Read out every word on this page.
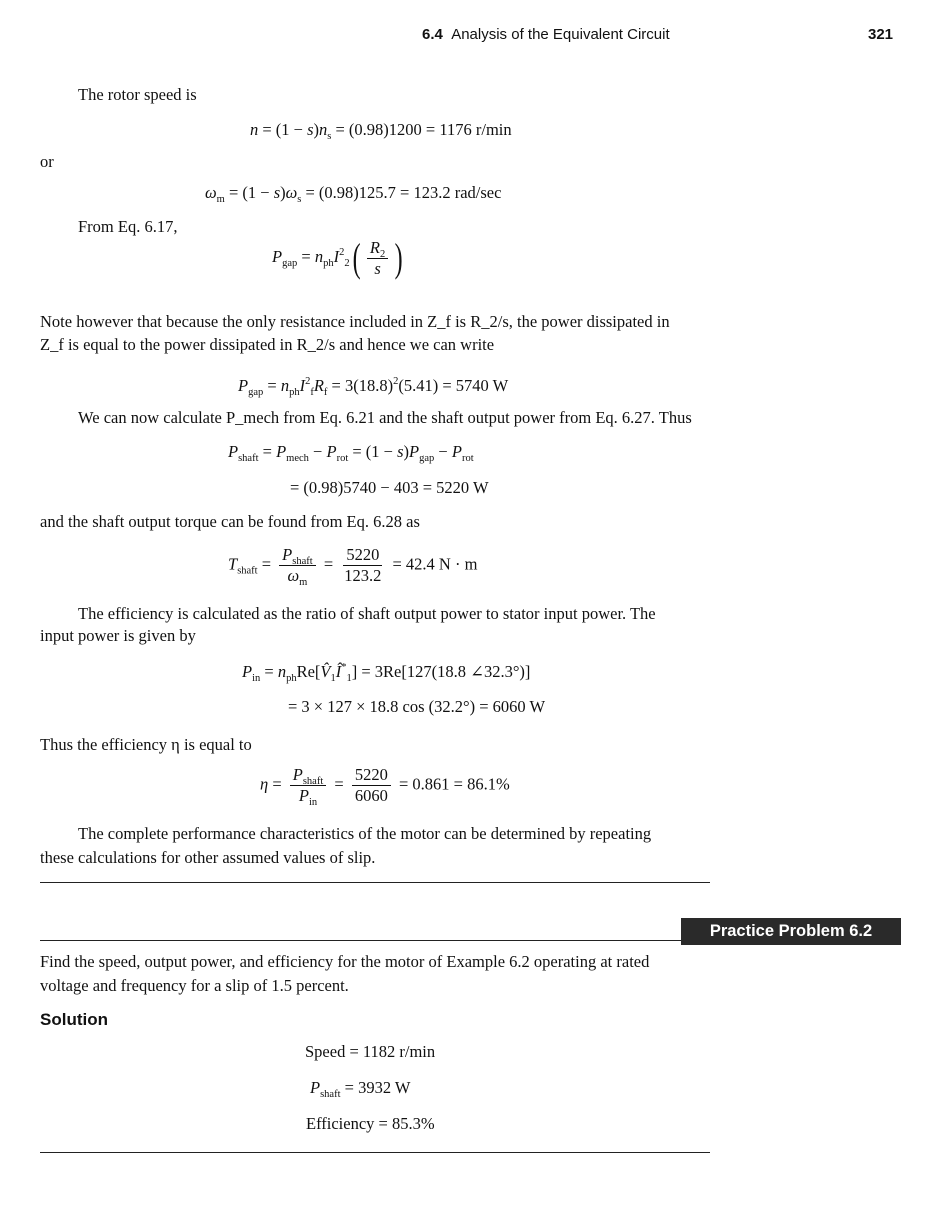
6.4 Analysis of the Equivalent Circuit	321
The rotor speed is
$n = (1 - s)n_s = (0.98)1200 = 1176$ r/min
or
$\omega_m = (1 - s)\omega_s = (0.98)125.7 = 123.2$ rad/sec
From Eq. 6.17,
$P_{gap} = n_{ph}I^2_2( \frac{R_2}{s}$ )
Note however that because the only resistance included in Z_f is R_2/s, the power dissipated in
Z_f is equal to the power dissipated in R_2/s and hence we can write
$P_{gap} = n_{ph}I^2_fR_f = 3(18.8)^2(5.41) = 5740$ W
We can now calculate P_mech from Eq. 6.21 and the shaft output power from Eq. 6.27. Thus
$P_{shaft} = P_{mech} - P_{rot} = (1 - s)P_{gap} - P_{rot}$
= (0.98)5740 − 403 = 5220 W
and the shaft output torque can be found from Eq. 6.28 as
$T_{shaft} = \frac{P_{shaft}}{\omega_m} = \frac{5220}{123.2} = 42.4$ N · m
The efficiency is calculated as the ratio of shaft output power to stator input power. The
input power is given by
$P_{in}$ = $n_{ph}Re[V̂_1Î^*_1] = 3Re[127(18.8$ ∠32.3°)]
= 3 × 127 × 18.8 cos (32.2°) = 6060 W
Thus the efficiency η is equal to
$\eta = \frac{P_{shaft}}{P_{in}} = \frac{5220}{6060} = 0.861 = 86.1\%$
The complete performance characteristics of the motor can be determined by repeating
these calculations for other assumed values of slip.
Practice Problem 6.2
Find the speed, output power, and efficiency for the motor of Example 6.2 operating at rated
voltage and frequency for a slip of 1.5 percent.
Solution
Speed = 1182 r/min
$P_{shaft} = 3932$ W
Efficiency = 85.3%
